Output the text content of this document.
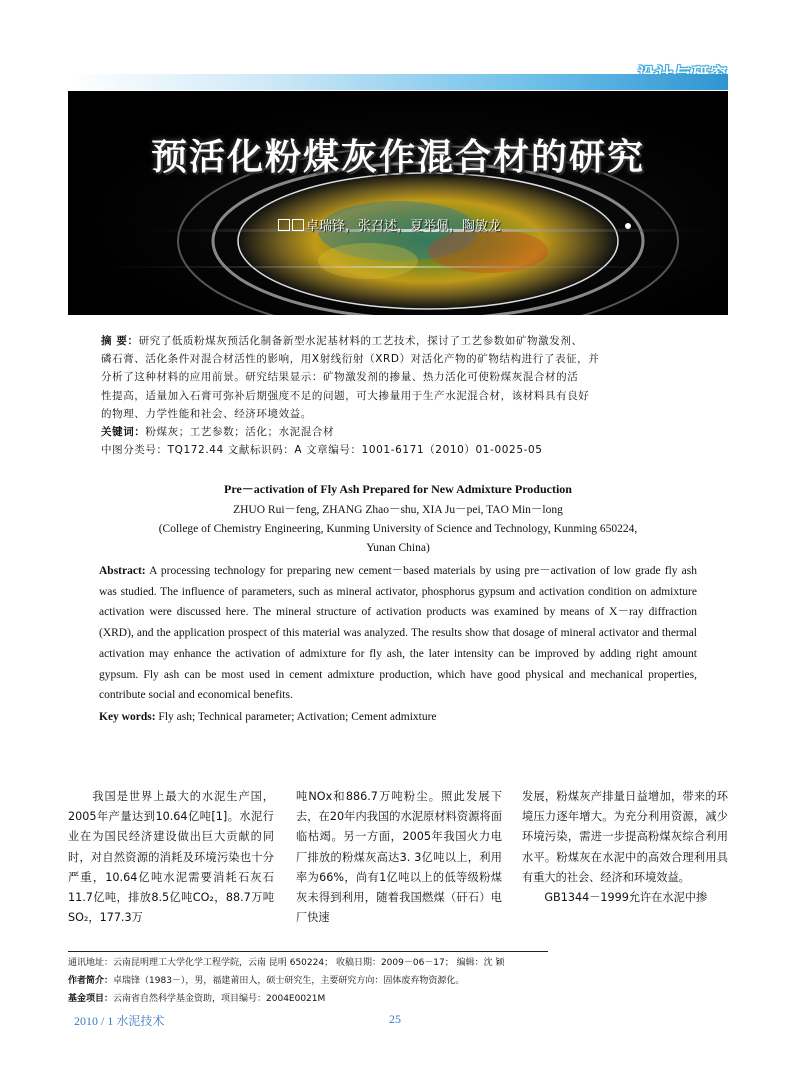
预活化粉煤灰作混合材的研究
卓瑞锋，张召述，夏举佩，陶敏龙

摘 要：研究了低质粉煤灰预活化制备新型水泥基材料的工艺技术，探讨了工艺参数如矿物激发剂、

磷石膏、活化条件对混合材活性的影响，用X射线衍射（XRD）对活化产物的矿物结构进行了表征，并

分析了这种材料的应用前景。研究结果显示：矿物激发剂的掺量、热力活化可使粉煤灰混合材的活

性提高，适量加入石膏可弥补后期强度不足的问题，可大掺量用于生产水泥混合材，该材料具有良好

的物理、力学性能和社会、经济环境效益。

关键词：粉煤灰；工艺参数；活化；水泥混合材

中图分类号：TQ172.44 文献标识码：A 文章编号：1001-6171（2010）01-0025-05

Pre－activation of Fly Ash Prepared for New Admixture Production

ZHUO Rui－feng, ZHANG Zhao－shu, XIA Ju－pei, TAO Min－long

(College of Chemistry Engineering, Kunming University of Science and Technology, Kunming 650224,

Yunan China)

Abstract: A processing technology for preparing new cement－based materials by using pre－activation of low grade fly ash was studied. The influence of parameters, such as mineral activator, phosphorus gypsum and activation condition on admixture activation were discussed here. The mineral structure of activation products was examined by means of X－ray diffraction (XRD), and the application prospect of this material was analyzed. The results show that dosage of mineral activator and thermal activation may enhance the activation of admixture for fly ash, the later intensity can be improved by adding right amount gypsum. Fly ash can be most used in cement admixture production, which have good physical and mechanical properties, contribute social and economical benefits.

Key words: Fly ash; Technical parameter; Activation; Cement admixture

　　我国是世界上最大的水泥生产国，2005年产量达到10.64亿吨[1]。水泥行业在为国民经济建设做出巨大贡献的同时，对自然资源的消耗及环境污染也十分严重，10.64亿吨水泥需要消耗石灰石11.7亿吨，排放8.5亿吨CO₂，88.7万吨SO₂，177.3万
吨NOx和886.7万吨粉尘。照此发展下去，在20年内我国的水泥原材料资源将面临枯竭。另一方面，2005年我国火力电厂排放的粉煤灰高达3. 3亿吨以上，利用率为66%，尚有1亿吨以上的低等级粉煤灰未得到利用，随着我国燃煤（矸石）电厂快速
发展，粉煤灰产排量日益增加，带来的环境压力逐年增大。为充分利用资源，减少环境污染，需进一步提高粉煤灰综合利用水平。粉煤灰在水泥中的高效合理利用具有重大的社会、经济和环境效益。
　　GB1344－1999允许在水泥中掺
通讯地址：云南昆明理工大学化学工程学院，云南 昆明 650224； 收稿日期：2009－06－17； 编辑：沈 颖
作者简介：卓瑞锋（1983－），男，福建莆田人，硕士研究生，主要研究方向：固体废弃物资源化。
基金项目：云南省自然科学基金资助，项目编号：2004E0021M
2010 / 1 水泥技术	25
